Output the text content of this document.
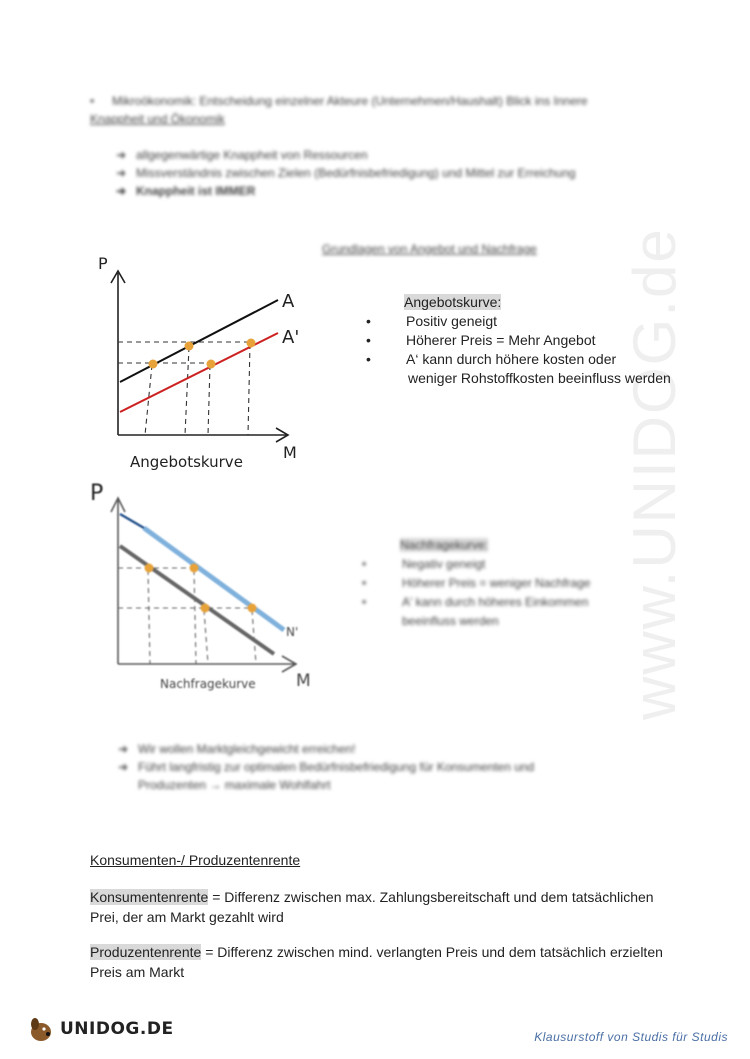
www.UNIDOG.de
• Mikroökonomik: Entscheidung einzelner Akteure (Unternehmen/Haushalt) Blick ins Innere
Knappheit und Ökonomik
➜ allgegenwärtige Knappheit von Ressourcen
➜ Missverständnis zwischen Zielen (Bedürfnisbefriedigung) und Mittel zur Erreichung
➜ Knappheit ist IMMER
Grundlagen von Angebot und Nachfrage
P
A
A'
M
Angebotskurve
Angebotskurve:
• Positiv geneigt
• Höherer Preis = Mehr Angebot
• A‘ kann durch höhere kosten oder
weniger Rohstoffkosten beeinfluss werden
P
N'
M
Nachfragekurve
Nachfragekurve:
• Negativ geneigt
• Höherer Preis = weniger Nachfrage
• A' kann durch höheres Einkommen
beeinfluss werden
➜ Wir wollen Marktgleichgewicht erreichen!
➜ Führt langfristig zur optimalen Bedürfnisbefriedigung für Konsumenten und
Produzenten → maximale Wohlfahrt
Konsumenten-/ Produzentenrente
Konsumentenrente = Differenz zwischen max. Zahlungsbereitschaft und dem tatsächlichen
Prei, der am Markt gezahlt wird
Produzentenrente = Differenz zwischen mind. verlangten Preis und dem tatsächlich erzielten
Preis am Markt
UNIDOG.DE	Klausurstoff von Studis für Studis
